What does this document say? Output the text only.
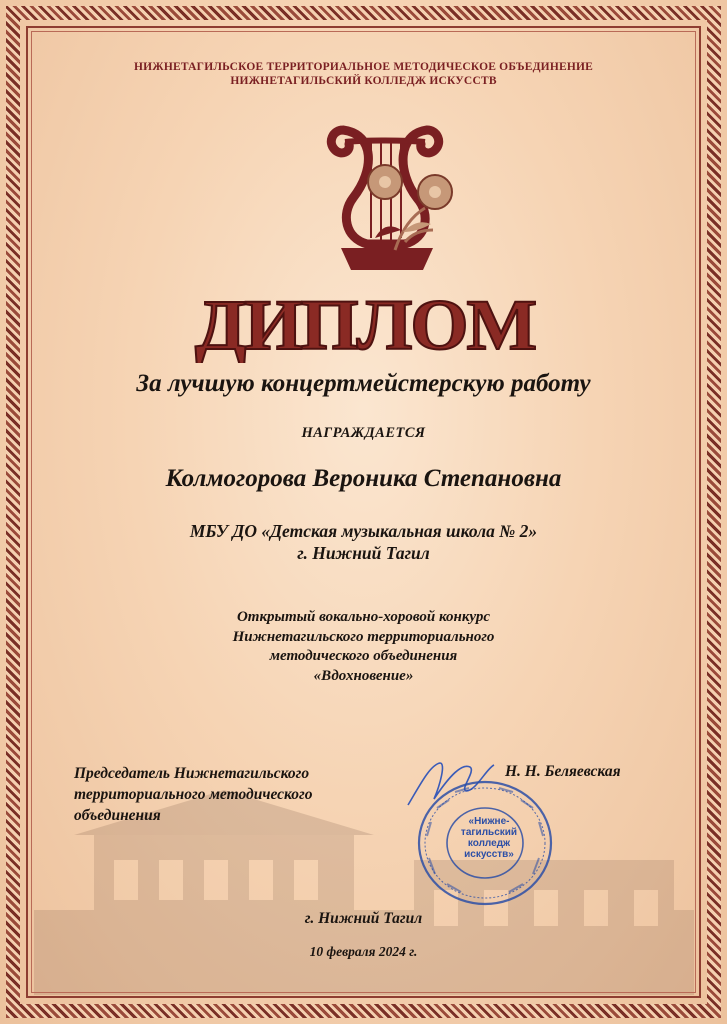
НИЖНЕТАГИЛЬСКОЕ ТЕРРИТОРИАЛЬНОЕ МЕТОДИЧЕСКОЕ ОБЪЕДИНЕНИЕ
НИЖНЕТАГИЛЬСКИЙ КОЛЛЕДЖ ИСКУССТВ
ДИПЛОМ
За лучшую концертмейстерскую работу
НАГРАЖДАЕТСЯ
Колмогорова Вероника Степановна
МБУ ДО «Детская музыкальная школа № 2»
г. Нижний Тагил
Открытый вокально-хоровой конкурс
Нижнетагильского территориального
методического объединения
«Вдохновение»
Председатель Нижнетагильского
территориального методического
объединения	«Нижне-
тагильский
колледж
искусств»
Н. Н. Беляевская
г. Нижний Тагил
10 февраля 2024 г.
